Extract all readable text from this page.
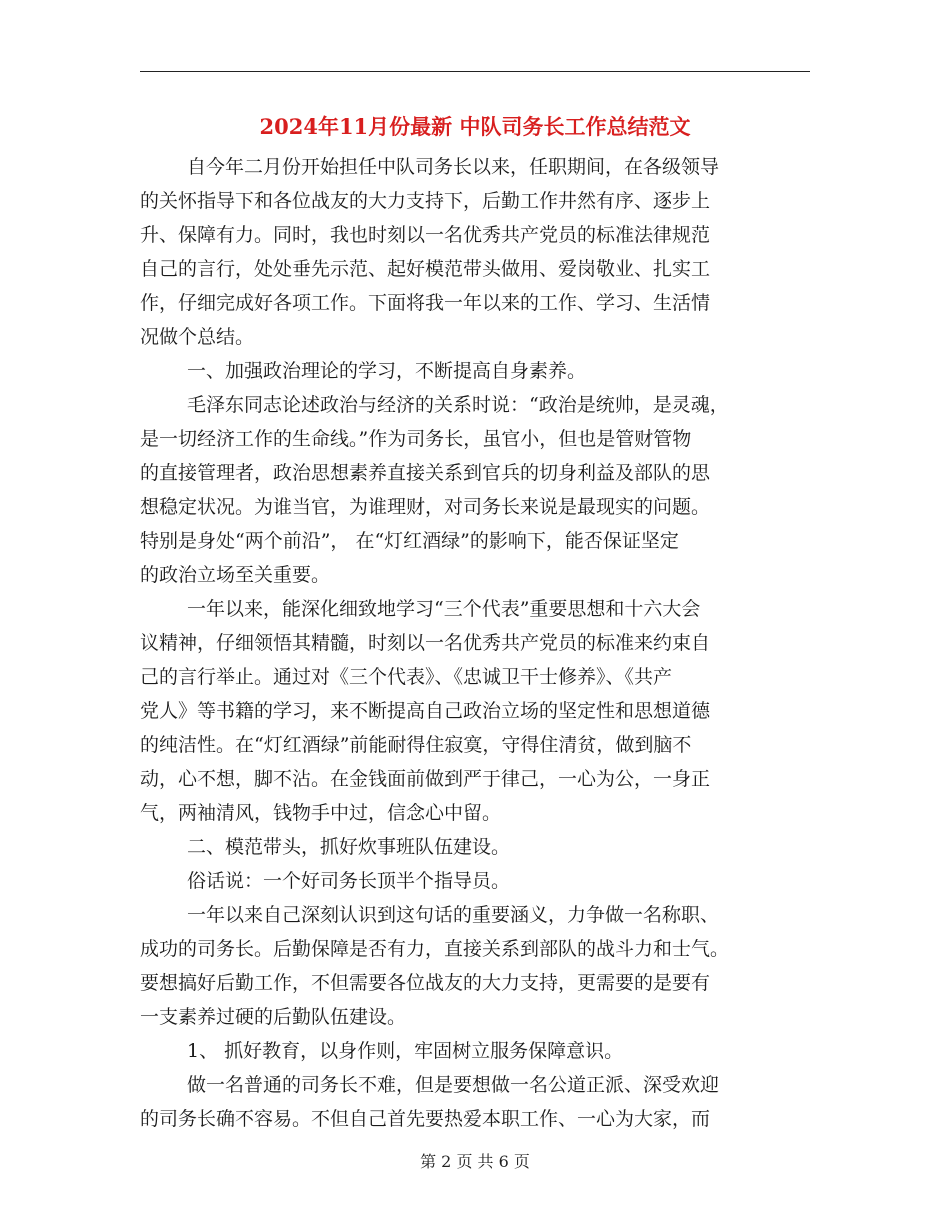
2024年11月份最新 中队司务长工作总结范文
自今年二月份开始担任中队司务长以来，任职期间，在各级领导
的关怀指导下和各位战友的大力支持下，后勤工作井然有序、逐步上
升、保障有力。同时，我也时刻以一名优秀共产党员的标准法律规范
自己的言行，处处垂先示范、起好模范带头做用、爱岗敬业、扎实工
作，仔细完成好各项工作。下面将我一年以来的工作、学习、生活情
况做个总结。
一、加强政治理论的学习，不断提高自身素养。
毛泽东同志论述政治与经济的关系时说：“政治是统帅，是灵魂，
是一切经济工作的生命线。”作为司务长，虽官小，但也是管财管物
的直接管理者，政治思想素养直接关系到官兵的切身利益及部队的思
想稳定状况。为谁当官，为谁理财，对司务长来说是最现实的问题。
特别是身处“两个前沿”， 在“灯红酒绿”的影响下，能否保证坚定
的政治立场至关重要。
一年以来，能深化细致地学习“三个代表”重要思想和十六大会
议精神，仔细领悟其精髓，时刻以一名优秀共产党员的标准来约束自
己的言行举止。通过对《三个代表》、《忠诚卫干士修养》、《共产
党人》等书籍的学习，来不断提高自己政治立场的坚定性和思想道德
的纯洁性。在“灯红酒绿”前能耐得住寂寞，守得住清贫，做到脑不
动，心不想，脚不沾。在金钱面前做到严于律己，一心为公，一身正
气，两袖清风，钱物手中过，信念心中留。
二、模范带头，抓好炊事班队伍建设。
俗话说：一个好司务长顶半个指导员。
一年以来自己深刻认识到这句话的重要涵义，力争做一名称职、
成功的司务长。后勤保障是否有力，直接关系到部队的战斗力和士气。
要想搞好后勤工作，不但需要各位战友的大力支持，更需要的是要有
一支素养过硬的后勤队伍建设。
1、 抓好教育，以身作则，牢固树立服务保障意识。
做一名普通的司务长不难，但是要想做一名公道正派、深受欢迎
的司务长确不容易。不但自己首先要热爱本职工作、一心为大家，而
第 2 页 共 6 页
